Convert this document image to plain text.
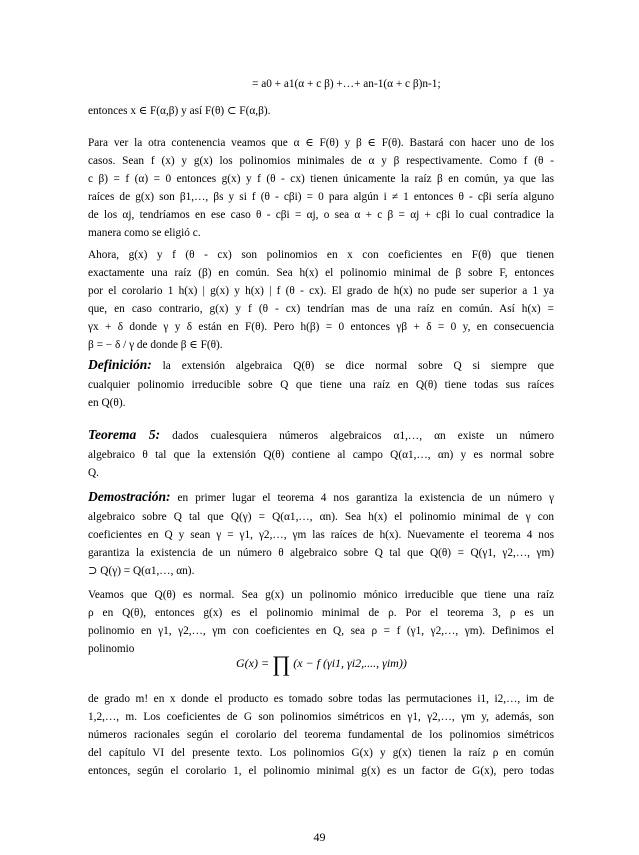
= a0 + a1(α + c β) +…+ an-1(α + c β)n-1;
entonces x ∈ F(α,β) y así F(θ) ⊂ F(α,β).
Para ver la otra contenencia veamos que α ∈ F(θ) y β ∈ F(θ). Bastará con hacer uno de los
casos. Sean f (x) y g(x) los polinomios minimales de α y β respectivamente. Como f (θ -
c β) = f (α) = 0 entonces g(x) y f (θ - cx) tienen únicamente la raíz β en común, ya que las
raíces de g(x) son β1,…, βs y si f (θ - cβi) = 0 para algún i ≠ 1 entonces θ - cβi sería alguno
de los αj, tendríamos en ese caso θ - cβi = αj, o sea α + c β = αj + cβi lo cual contradice la
manera como se eligió c.
Ahora, g(x) y f (θ - cx) son polinomios en x con coeficientes en F(θ) que tienen
exactamente una raíz (β) en común. Sea h(x) el polinomio minimal de β sobre F, entonces
por el corolario 1 h(x) | g(x) y h(x) | f (θ - cx). El grado de h(x) no pude ser superior a 1 ya
que, en caso contrario, g(x) y f (θ - cx) tendrían mas de una raíz en común. Así h(x) =
γx + δ donde γ y δ están en F(θ). Pero h(β) = 0 entonces γβ + δ = 0 y, en consecuencia
β = − δ / γ de donde β ∈ F(θ).
Definición: la extensión algebraica Q(θ) se dice normal sobre Q si siempre que
cualquier polinomio irreducible sobre Q que tiene una raíz en Q(θ) tiene todas sus raíces
en Q(θ).
Teorema 5: dados cualesquiera números algebraicos α1,…, αn existe un número
algebraico θ tal que la extensión Q(θ) contiene al campo Q(α1,…, αn) y es normal sobre
Q.
Demostración: en primer lugar el teorema 4 nos garantiza la existencia de un número γ
algebraico sobre Q tal que Q(γ) = Q(α1,…, αn). Sea h(x) el polinomio minimal de γ con
coeficientes en Q y sean γ = γ1, γ2,…, γm las raíces de h(x). Nuevamente el teorema 4 nos
garantiza la existencia de un número θ algebraico sobre Q tal que Q(θ) = Q(γ1, γ2,…, γm)
⊃ Q(γ) = Q(α1,…, αn).
Veamos que Q(θ) es normal. Sea g(x) un polinomio mónico irreducible que tiene una raíz
ρ en Q(θ), entonces g(x) es el polinomio minimal de ρ. Por el teorema 3, ρ es un
polinomio en γ1, γ2,…, γm con coeficientes en Q, sea ρ = f (γ1, γ2,…, γm). Definimos el
polinomio
G(x) = ∏ (x − f (γi1, γi2,...., γim))
de grado m! en x donde el producto es tomado sobre todas las permutaciones i1, i2,…, im de
1,2,…, m. Los coeficientes de G son polinomios simétricos en γ1, γ2,…, γm y, además, son
números racionales según el corolario del teorema fundamental de los polinomios simétricos
del capítulo VI del presente texto. Los polinomios G(x) y g(x) tienen la raíz ρ en común
entonces, según el corolario 1, el polinomio minimal g(x) es un factor de G(x), pero todas
49
